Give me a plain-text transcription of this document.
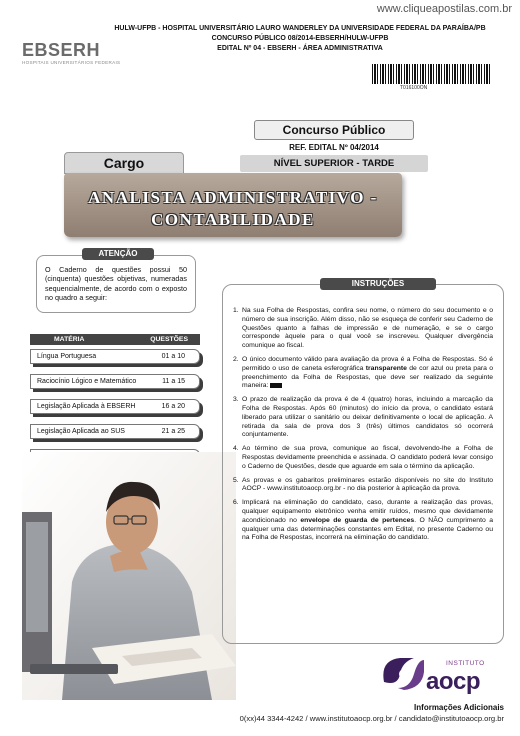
www.cliqueapostilas.com.br
EBSERH
HOSPITAIS UNIVERSITÁRIOS FEDERAIS
HULW-UFPB - HOSPITAL UNIVERSITÁRIO LAURO WANDERLEY DA UNIVERSIDADE FEDERAL DA PARAÍBA/PB
CONCURSO PÚBLICO 08/2014-EBSERH/HULW-UFPB
EDITAL Nº 04 - EBSERH - ÁREA ADMINISTRATIVA
T016100ON
Concurso Público
REF. EDITAL Nº 04/2014
NÍVEL SUPERIOR - TARDE
Cargo
ANALISTA ADMINISTRATIVO -
CONTABILIDADE

O Caderno de questões possui 50 (cinquenta) questões objetivas, numeradas sequencialmente, de acordo com o exposto no quadro a seguir:

ATENÇÃO
MATÉRIA	QUESTÕES
Língua Portuguesa	01 a 10
Raciocínio Lógico e Matemático	11 a 15
Legislação Aplicada à EBSERH	16 a 20
Legislação Aplicada ao SUS	21 a 25
1. Na sua Folha de Respostas, confira seu nome, o número do seu documento e o número de sua inscrição. Além disso, não se esqueça de conferir seu Caderno de Questões quanto a falhas de impressão e de numeração, e se o cargo corresponde àquele para o qual você se inscreveu. Qualquer divergência comunique ao fiscal.
2. O único documento válido para avaliação da prova é a Folha de Respostas. Só é permitido o uso de caneta esferográfica transparente de cor azul ou preta para o preenchimento da Folha de Respostas, que deve ser realizado da seguinte maneira:
3. O prazo de realização da prova é de 4 (quatro) horas, incluindo a marcação da Folha de Respostas. Após 60 (minutos) do início da prova, o candidato estará liberado para utilizar o sanitário ou deixar definitivamente o local de aplicação. A retirada da sala de prova dos 3 (três) últimos candidatos só ocorrerá conjuntamente.
4. Ao término de sua prova, comunique ao fiscal, devolvendo-lhe a Folha de Respostas devidamente preenchida e assinada. O candidato poderá levar consigo o Caderno de Questões, desde que aguarde em sala o término da aplicação.
5. As provas e os gabaritos preliminares estarão disponíveis no site do Instituto AOCP - www.institutoaocp.org.br - no dia posterior à aplicação da prova.
6. Implicará na eliminação do candidato, caso, durante a realização das provas, qualquer equipamento eletrônico venha emitir ruídos, mesmo que devidamente acondicionado no envelope de guarda de pertences. O NÃO cumprimento a qualquer uma das determinações constantes em Edital, no presente Caderno ou na Folha de Respostas, incorrerá na eliminação do candidato.
INSTRUÇÕES
INSTITUTO
aocp
Informações Adicionais
0(xx)44 3344-4242 / www.institutoaocp.org.br / candidato@institutoaocp.org.br
